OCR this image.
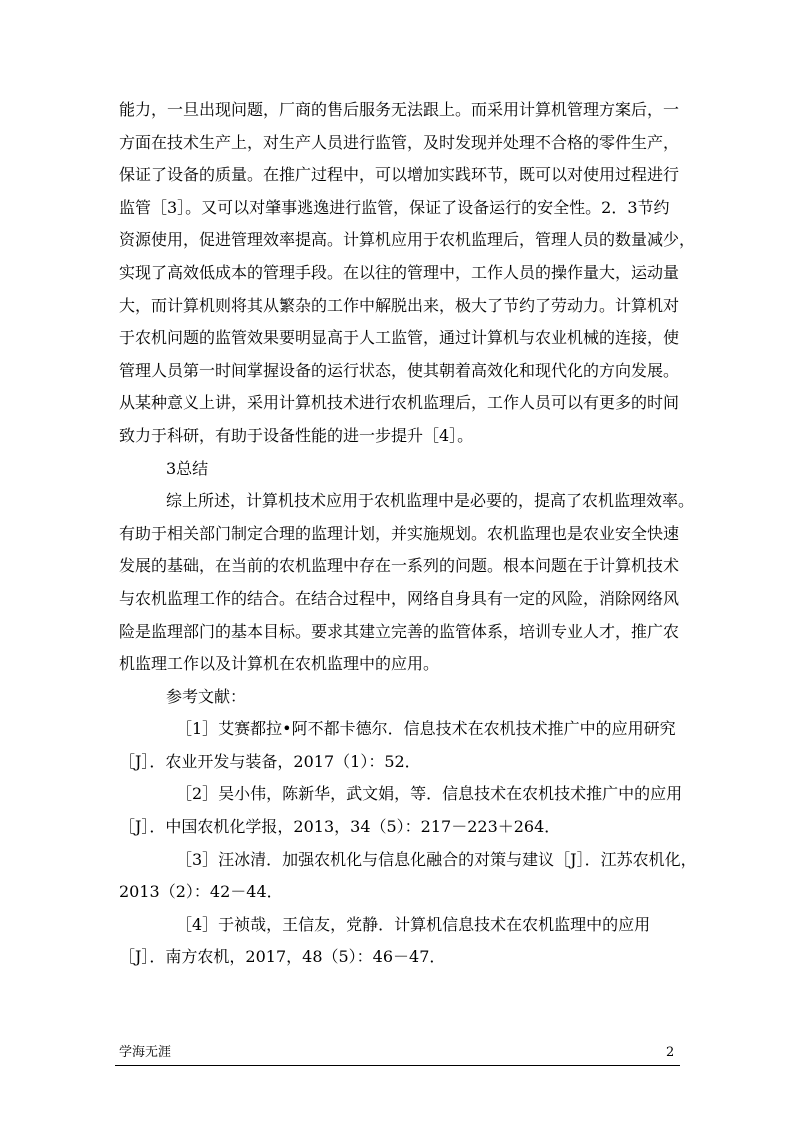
能力，一旦出现问题，厂商的售后服务无法跟上。而采用计算机管理方案后，一
方面在技术生产上，对生产人员进行监管，及时发现并处理不合格的零件生产，
保证了设备的质量。在推广过程中，可以增加实践环节，既可以对使用过程进行
监管［3］。又可以对肇事逃逸进行监管，保证了设备运行的安全性。2．3节约
资源使用，促进管理效率提高。计算机应用于农机监理后，管理人员的数量减少，
实现了高效低成本的管理手段。在以往的管理中，工作人员的操作量大，运动量
大，而计算机则将其从繁杂的工作中解脱出来，极大了节约了劳动力。计算机对
于农机问题的监管效果要明显高于人工监管，通过计算机与农业机械的连接，使
管理人员第一时间掌握设备的运行状态，使其朝着高效化和现代化的方向发展。
从某种意义上讲，采用计算机技术进行农机监理后，工作人员可以有更多的时间
致力于科研，有助于设备性能的进一步提升［4］。
3总结
综上所述，计算机技术应用于农机监理中是必要的，提高了农机监理效率。
有助于相关部门制定合理的监理计划，并实施规划。农机监理也是农业安全快速
发展的基础，在当前的农机监理中存在一系列的问题。根本问题在于计算机技术
与农机监理工作的结合。在结合过程中，网络自身具有一定的风险，消除网络风
险是监理部门的基本目标。要求其建立完善的监管体系，培训专业人才，推广农
机监理工作以及计算机在农机监理中的应用。
参考文献：
［1］艾赛都拉•阿不都卡德尔．信息技术在农机技术推广中的应用研究
［J］．农业开发与装备，2017（1）：52．
［2］吴小伟，陈新华，武文娟，等．信息技术在农机技术推广中的应用
［J］．中国农机化学报，2013，34（5）：217－223＋264．
［3］汪冰清．加强农机化与信息化融合的对策与建议［J］．江苏农机化，
2013（2）：42－44．
［4］于祯哉，王信友，党静．计算机信息技术在农机监理中的应用
［J］．南方农机，2017，48（5）：46－47．
学海无涯	2
